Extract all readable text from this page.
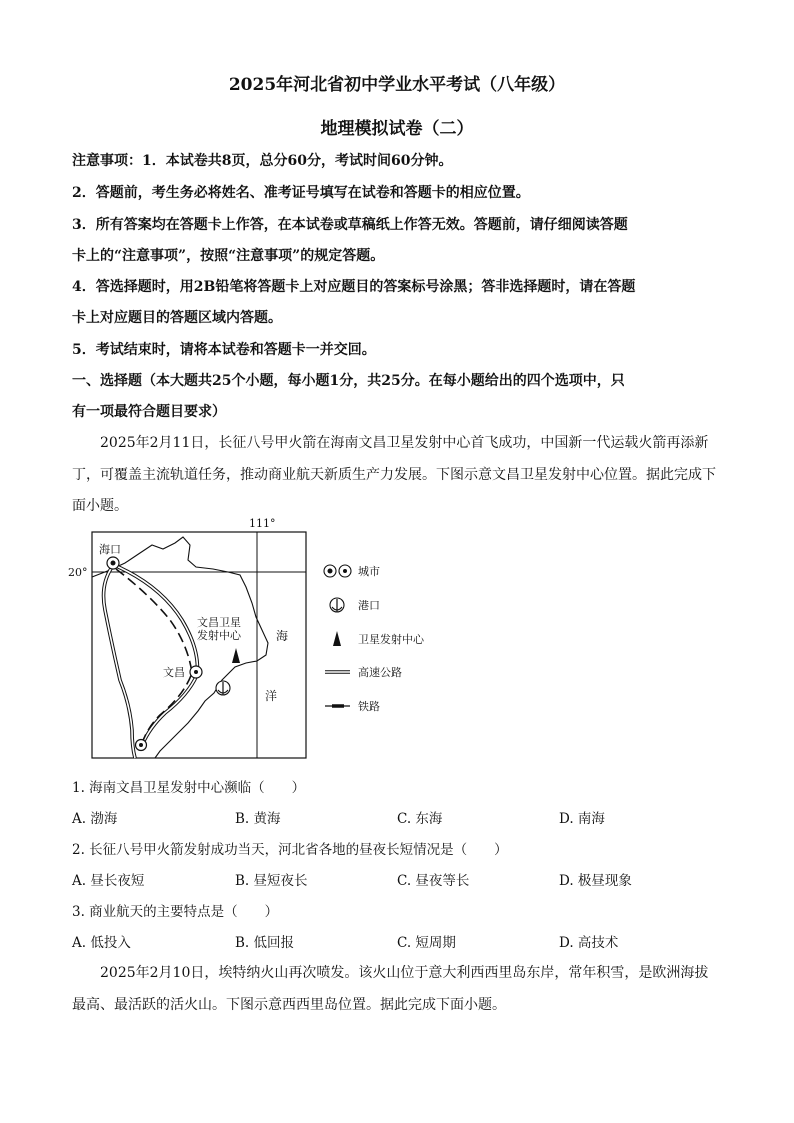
2025年河北省初中学业水平考试（八年级）
地理模拟试卷（二）
注意事项：1．本试卷共8页，总分60分，考试时间60分钟。
2．答题前，考生务必将姓名、准考证号填写在试卷和答题卡的相应位置。
3．所有答案均在答题卡上作答，在本试卷或草稿纸上作答无效。答题前，请仔细阅读答题
卡上的“注意事项”，按照“注意事项”的规定答题。
4．答选择题时，用2B铅笔将答题卡上对应题目的答案标号涂黑；答非选择题时，请在答题
卡上对应题目的答题区域内答题。
5．考试结束时，请将本试卷和答题卡一并交回。
一、选择题（本大题共25个小题，每小题1分，共25分。在每小题给出的四个选项中，只
有一项最符合题目要求）
2025年2月11日，长征八号甲火箭在海南文昌卫星发射中心首飞成功，中国新一代运载火箭再添新
丁，可覆盖主流轨道任务，推动商业航天新质生产力发展。下图示意文昌卫星发射中心位置。据此完成下
面小题。
111°
20°
海口
文昌
文昌卫星
发射中心	海
洋
城市
港口
卫星发射中心
高速公路
铁路
1. 海南文昌卫星发射中心濒临（　　）
A. 渤海	B. 黄海	C. 东海	D. 南海
2. 长征八号甲火箭发射成功当天，河北省各地的昼夜长短情况是（　　）
A. 昼长夜短	B. 昼短夜长	C. 昼夜等长	D. 极昼现象
3. 商业航天的主要特点是（　　）
A. 低投入	B. 低回报	C. 短周期	D. 高技术
2025年2月10日，埃特纳火山再次喷发。该火山位于意大利西西里岛东岸，常年积雪，是欧洲海拔
最高、最活跃的活火山。下图示意西西里岛位置。据此完成下面小题。
